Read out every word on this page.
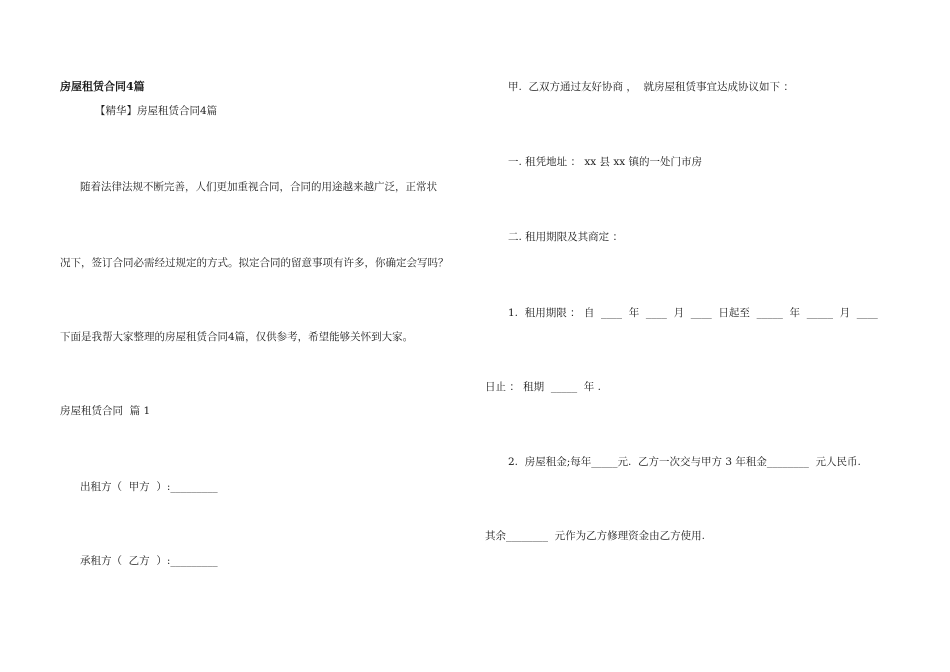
房屋租赁合同4篇
【精华】房屋租赁合同4篇
随着法律法规不断完善，人们更加重视合同，合同的用途越来越广泛，正常状
况下，签订合同必需经过规定的方式。拟定合同的留意事项有许多，你确定会写吗？
下面是我帮大家整理的房屋租赁合同4篇，仅供参考，希望能够关怀到大家。
房屋租赁合同  篇 1
出租方（  甲方  ）:_________
承租方（  乙方  ）:_________
甲.  乙双方通过友好协商 ，  就房屋租赁事宜达成协议如下 ：
一. 租凭地址 ： xx 县 xx 镇的一处门市房
二. 租用期限及其商定 ：
1.  租用期限 ： 自  ____  年  ____  月  ____  日起至  _____  年  _____  月  ____
日止 ： 租期  _____  年 .
2.  房屋租金;每年_____元.  乙方一次交与甲方 3 年租金________  元人民币.
其余________  元作为乙方修理资金由乙方使用.
